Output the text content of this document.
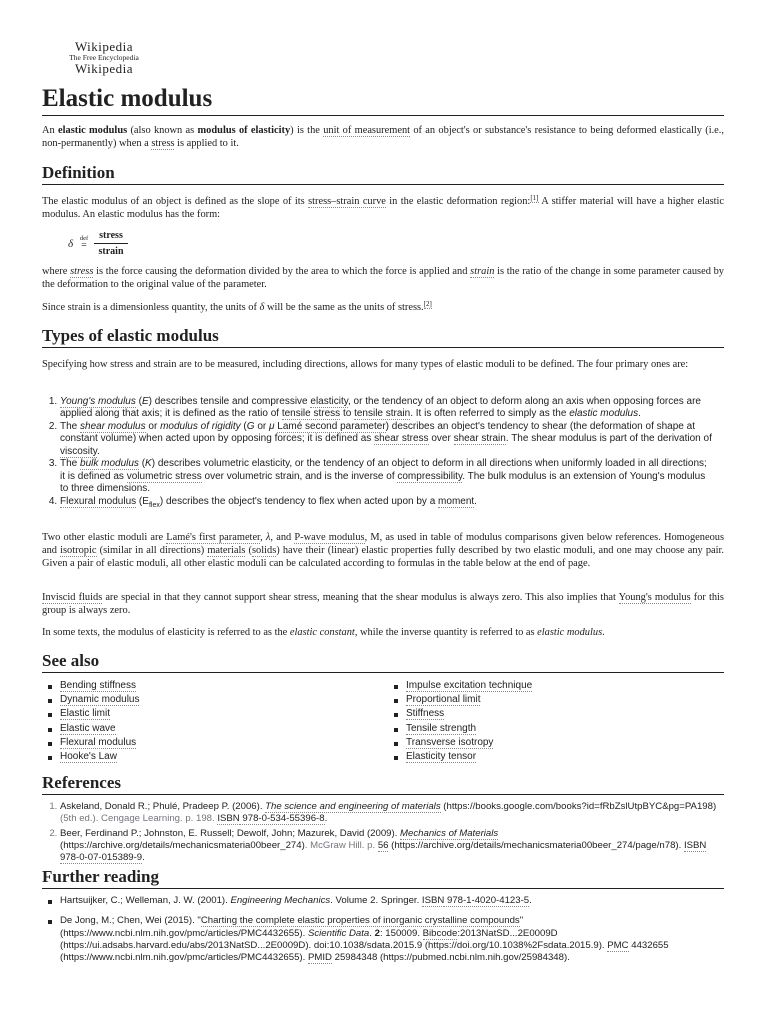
Wikipedia
The Free Encyclopedia
Wikipedia
Elastic modulus

An elastic modulus (also known as modulus of elasticity) is the unit of measurement of an object's or substance's resistance to being deformed elastically (i.e., non-permanently) when a stress is applied to it.

Definition

The elastic modulus of an object is defined as the slope of its stress–strain curve in the elastic deformation region:[1] A stiffer material will have a higher elastic modulus. An elastic modulus has the form:

δ def
=
stress
strain

where stress is the force causing the deformation divided by the area to which the force is applied and strain is the ratio of the change in some parameter caused by the deformation to the original value of the parameter.

Since strain is a dimensionless quantity, the units of δ will be the same as the units of stress.[2]

Types of elastic modulus

Specifying how stress and strain are to be measured, including directions, allows for many types of elastic moduli to be defined. The four primary ones are:

1. Young's modulus (E) describes tensile and compressive elasticity, or the tendency of an object to deform along an axis when opposing forces are applied along that axis; it is defined as the ratio of tensile stress to tensile strain. It is often referred to simply as the elastic modulus.
2. The shear modulus or modulus of rigidity (G or μ Lamé second parameter) describes an object's tendency to shear (the deformation of shape at constant volume) when acted upon by opposing forces; it is defined as shear stress over shear strain. The shear modulus is part of the derivation of viscosity.
3. The bulk modulus (K) describes volumetric elasticity, or the tendency of an object to deform in all directions when uniformly loaded in all directions; it is defined as volumetric stress over volumetric strain, and is the inverse of compressibility. The bulk modulus is an extension of Young's modulus to three dimensions.
4. Flexural modulus $(E_{flex})$ describes the object's tendency to flex when acted upon by a moment.

Two other elastic moduli are Lamé's first parameter, λ, and P-wave modulus, M, as used in table of modulus comparisons given below references. Homogeneous and isotropic (similar in all directions) materials (solids) have their (linear) elastic properties fully described by two elastic moduli, and one may choose any pair. Given a pair of elastic moduli, all other elastic moduli can be calculated according to formulas in the table below at the end of page.

Inviscid fluids are special in that they cannot support shear stress, meaning that the shear modulus is always zero. This also implies that Young's modulus for this group is always zero.

In some texts, the modulus of elasticity is referred to as the elastic constant, while the inverse quantity is referred to as elastic modulus.

See also
Bending stiffness
Dynamic modulus
Elastic limit
Elastic wave
Flexural modulus
Hooke's Law
Impulse excitation technique
Proportional limit
Stiffness
Tensile strength
Transverse isotropy
Elasticity tensor
References
1. Askeland, Donald R.; Phulé, Pradeep P. (2006). The science and engineering of materials (https://books.google.com/books?id=fRbZslUtpBYC&pg=PA198) (5th ed.). Cengage Learning. p. 198. ISBN 978-0-534-55396-8.
2. Beer, Ferdinand P.; Johnston, E. Russell; Dewolf, John; Mazurek, David (2009). Mechanics of Materials (https://archive.org/details/mechanicsmateria00beer_274). McGraw Hill. p. 56 (https://archive.org/details/mechanicsmateria00beer_274/page/n78). ISBN 978-0-07-015389-9.
Further reading
Hartsuijker, C.; Welleman, J. W. (2001). Engineering Mechanics. Volume 2. Springer. ISBN 978-1-4020-4123-5.
De Jong, M.; Chen, Wei (2015). "Charting the complete elastic properties of inorganic crystalline compounds" (https://www.ncbi.nlm.nih.gov/pmc/articles/PMC4432655). Scientific Data. 2: 150009. Bibcode:2013NatSD...2E0009D (https://ui.adsabs.harvard.edu/abs/2013NatSD...2E0009D). doi:10.1038/sdata.2015.9 (https://doi.org/10.1038%2Fsdata.2015.9). PMC 4432655 (https://www.ncbi.nlm.nih.gov/pmc/articles/PMC4432655). PMID 25984348 (https://pubmed.ncbi.nlm.nih.gov/25984348).
